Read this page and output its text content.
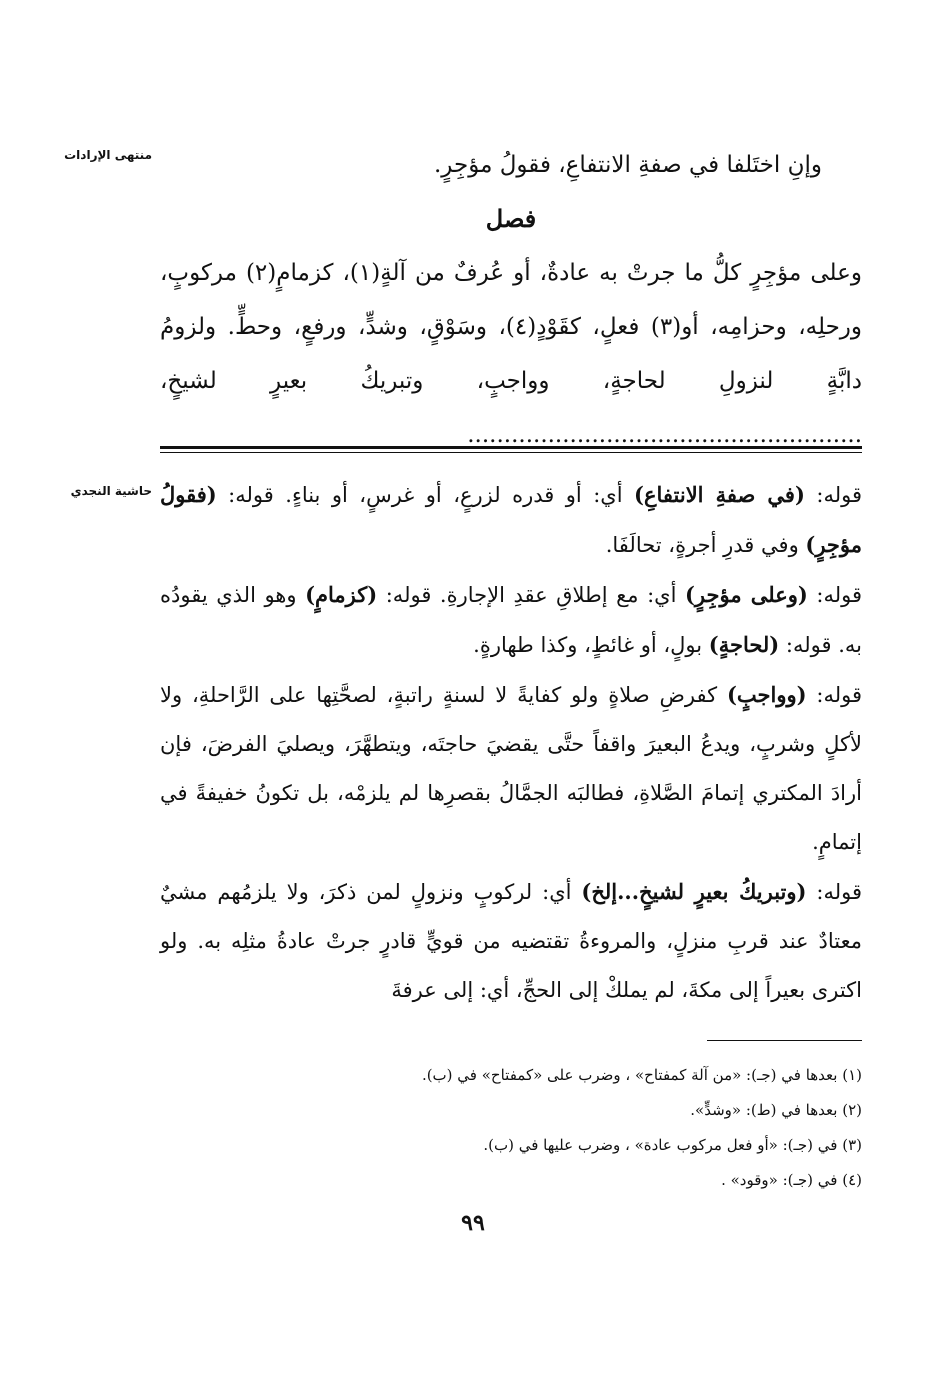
منتهى الإرادات
حاشية النجدي

وإنِ اختَلفا في صفةِ الانتفاعِ، فقولُ مؤجِرٍ.

فصل

وعلى مؤجِرٍ كلُّ ما جرتْ به عادةٌ، أو عُرفٌ من آلةٍ(١)، كزمامٍ(٢) مركوبٍ، ورحلِه، وحزامِه، أو(٣) فعلٍ، كقَوْدٍ(٤)، وسَوْقٍ، وشدٍّ، ورفعٍ، وحطٍّ. ولزومُ دابَّةٍ لنزولِ لحاجةٍ، وواجبٍ، وتبريكُ بعيرٍ لشيخٍ، ......................................................

قوله: (في صفةِ الانتفاعِ) أي: أو قدره لزرعٍ، أو غرسٍ، أو بناءٍ. قوله: (فقولُ مؤجِرٍ) وفي قدرِ أجرةٍ، تحالَفَا.

قوله: (وعلى مؤجِرٍ) أي: مع إطلاقِ عقدِ الإجارةِ. قوله: (كزمامٍ) وهو الذي يقودُه به. قوله: (لحاجةٍ) بولٍ، أو غائطٍ، وكذا طهارةٍ.

قوله: (وواجبٍ) كفرضِ صلاةٍ ولو كفايةً لا لسنةٍ راتبةٍ، لصحَّتِها على الرَّاحلةِ، ولا لأكلٍ وشربٍ، ويدعُ البعيرَ واقفاً حتَّى يقضيَ حاجتَه، ويتطهَّرَ، ويصليَ الفرضَ، فإن أرادَ المكتري إتمامَ الصَّلاةِ، فطالبَه الجمَّالُ بقصرِها لم يلزمْه، بل تكونُ خفيفةً في إتمامٍ.

قوله: (وتبريكُ بعيرٍ لشيخٍ...إلخ) أي: لركوبٍ ونزولٍ لمن ذكرَ، ولا يلزمُهم مشيٌ معتادٌ عند قربِ منزلٍ، والمروءةُ تقتضيه من قويٍّ قادرٍ جرتْ عادةُ مثلِه به. ولو اكترى بعيراً إلى مكةَ، لم يملكْ إلى الحجِّ، أي: إلى عرفةَ

(١) بعدها في (جـ): «من آلة كمفتاح» ، وضرب على «كمفتاح» في (ب).

(٢) بعدها في (ط): «وشدٍّ».

(٣) في (جـ): «أو فعل مركوب عادة» ، وضرب عليها في (ب).

(٤) في (جـ): «وقود» .

٩٩
